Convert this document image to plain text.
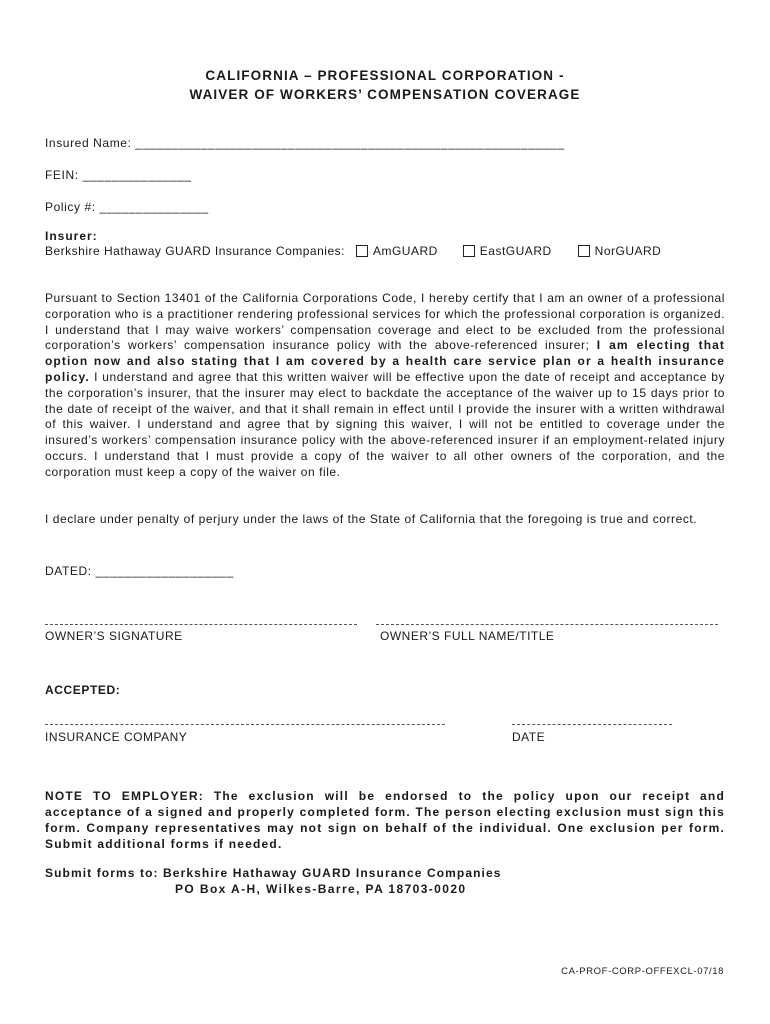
CALIFORNIA – PROFESSIONAL CORPORATION -
WAIVER OF WORKERS’ COMPENSATION COVERAGE
Insured Name: ___________________________________________________________
FEIN: _______________
Policy #: _______________
Insurer:
Berkshire Hathaway GUARD Insurance Companies: AmGUARD	EastGUARD	NorGUARD
Pursuant to Section 13401 of the California Corporations Code, I hereby certify that I am an owner of a professional corporation who is a practitioner rendering professional services for which the professional corporation is organized. I understand that I may waive workers’ compensation coverage and elect to be excluded from the professional corporation’s workers’ compensation insurance policy with the above-referenced insurer; I am electing that option now and also stating that I am covered by a health care service plan or a health insurance policy. I understand and agree that this written waiver will be effective upon the date of receipt and acceptance by the corporation’s insurer, that the insurer may elect to backdate the acceptance of the waiver up to 15 days prior to the date of receipt of the waiver, and that it shall remain in effect until I provide the insurer with a written withdrawal of this waiver. I understand and agree that by signing this waiver, I will not be entitled to coverage under the insured’s workers’ compensation insurance policy with the above-referenced insurer if an employment-related injury occurs. I understand that I must provide a copy of the waiver to all other owners of the corporation, and the corporation must keep a copy of the waiver on file.
I declare under penalty of perjury under the laws of the State of California that the foregoing is true and correct.
DATED: ___________________
OWNER’S SIGNATURE	OWNER’S FULL NAME/TITLE
ACCEPTED:
INSURANCE COMPANY	DATE
NOTE TO EMPLOYER: The exclusion will be endorsed to the policy upon our receipt and acceptance of a signed and properly completed form. The person electing exclusion must sign this form. Company representatives may not sign on behalf of the individual. One exclusion per form. Submit additional forms if needed.
Submit forms to: Berkshire Hathaway GUARD Insurance Companies
PO Box A-H, Wilkes-Barre, PA 18703-0020
CA-PROF-CORP-OFFEXCL-07/18
